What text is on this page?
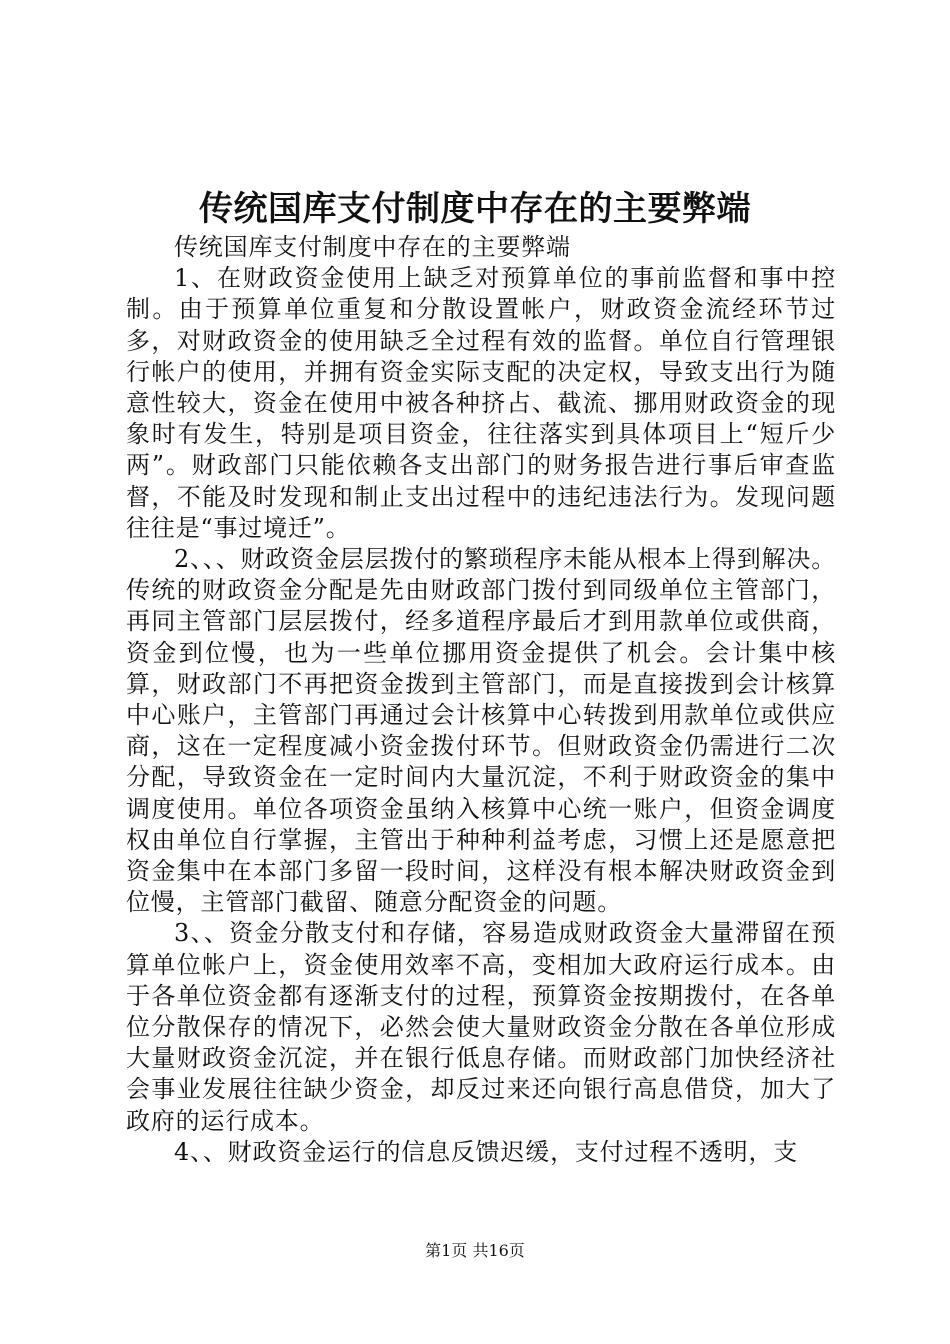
传统国库支付制度中存在的主要弊端

传统国库支付制度中存在的主要弊端

1、在财政资金使用上缺乏对预算单位的事前监督和事中控制。由于预算单位重复和分散设置帐户，财政资金流经环节过多，对财政资金的使用缺乏全过程有效的监督。单位自行管理银行帐户的使用，并拥有资金实际支配的决定权，导致支出行为随意性较大，资金在使用中被各种挤占、截流、挪用财政资金的现象时有发生，特别是项目资金，往往落实到具体项目上“短斤少两”。财政部门只能依赖各支出部门的财务报告进行事后审查监督，不能及时发现和制止支出过程中的违纪违法行为。发现问题往往是“事过境迁”。

2、、、财政资金层层拨付的繁琐程序未能从根本上得到解决。传统的财政资金分配是先由财政部门拨付到同级单位主管部门，再同主管部门层层拨付，经多道程序最后才到用款单位或供商，资金到位慢，也为一些单位挪用资金提供了机会。会计集中核算，财政部门不再把资金拨到主管部门，而是直接拨到会计核算中心账户，主管部门再通过会计核算中心转拨到用款单位或供应商，这在一定程度减小资金拨付环节。但财政资金仍需进行二次分配，导致资金在一定时间内大量沉淀，不利于财政资金的集中调度使用。单位各项资金虽纳入核算中心统一账户，但资金调度权由单位自行掌握，主管出于种种利益考虑，习惯上还是愿意把资金集中在本部门多留一段时间，这样没有根本解决财政资金到位慢，主管部门截留、随意分配资金的问题。

3、、资金分散支付和存储，容易造成财政资金大量滞留在预算单位帐户上，资金使用效率不高，变相加大政府运行成本。由于各单位资金都有逐渐支付的过程，预算资金按期拨付，在各单位分散保存的情况下，必然会使大量财政资金分散在各单位形成大量财政资金沉淀，并在银行低息存储。而财政部门加快经济社会事业发展往往缺少资金，却反过来还向银行高息借贷，加大了政府的运行成本。

4、、财政资金运行的信息反馈迟缓，支付过程不透明，支

第1页 共16页
